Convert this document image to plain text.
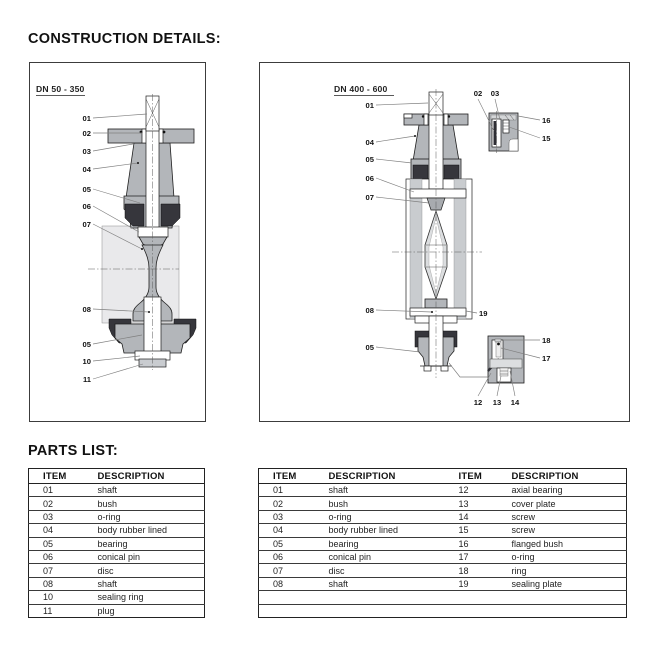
CONSTRUCTION DETAILS:
DN 50 - 350
01
02
03
04
05
06
07
08
05
10
11
DN 400 - 600
01
04
05
06
07
08
05
19
16
15
18
17
02 03
12 13 14
PARTS LIST:
ITEM	DESCRIPTION
01	shaft
02	bush
03	o-ring
04	body rubber lined
05	bearing
06	conical pin
07	disc
08	shaft
10	sealing ring
11	plug
ITEM	DESCRIPTION	ITEM	DESCRIPTION
01	shaft	12	axial bearing
02	bush	13	cover plate
03	o-ring	14	screw
04	body rubber lined	15	screw
05	bearing	16	flanged bush
06	conical pin	17	o-ring
07	disc	18	ring
08	shaft	19	sealing plate
